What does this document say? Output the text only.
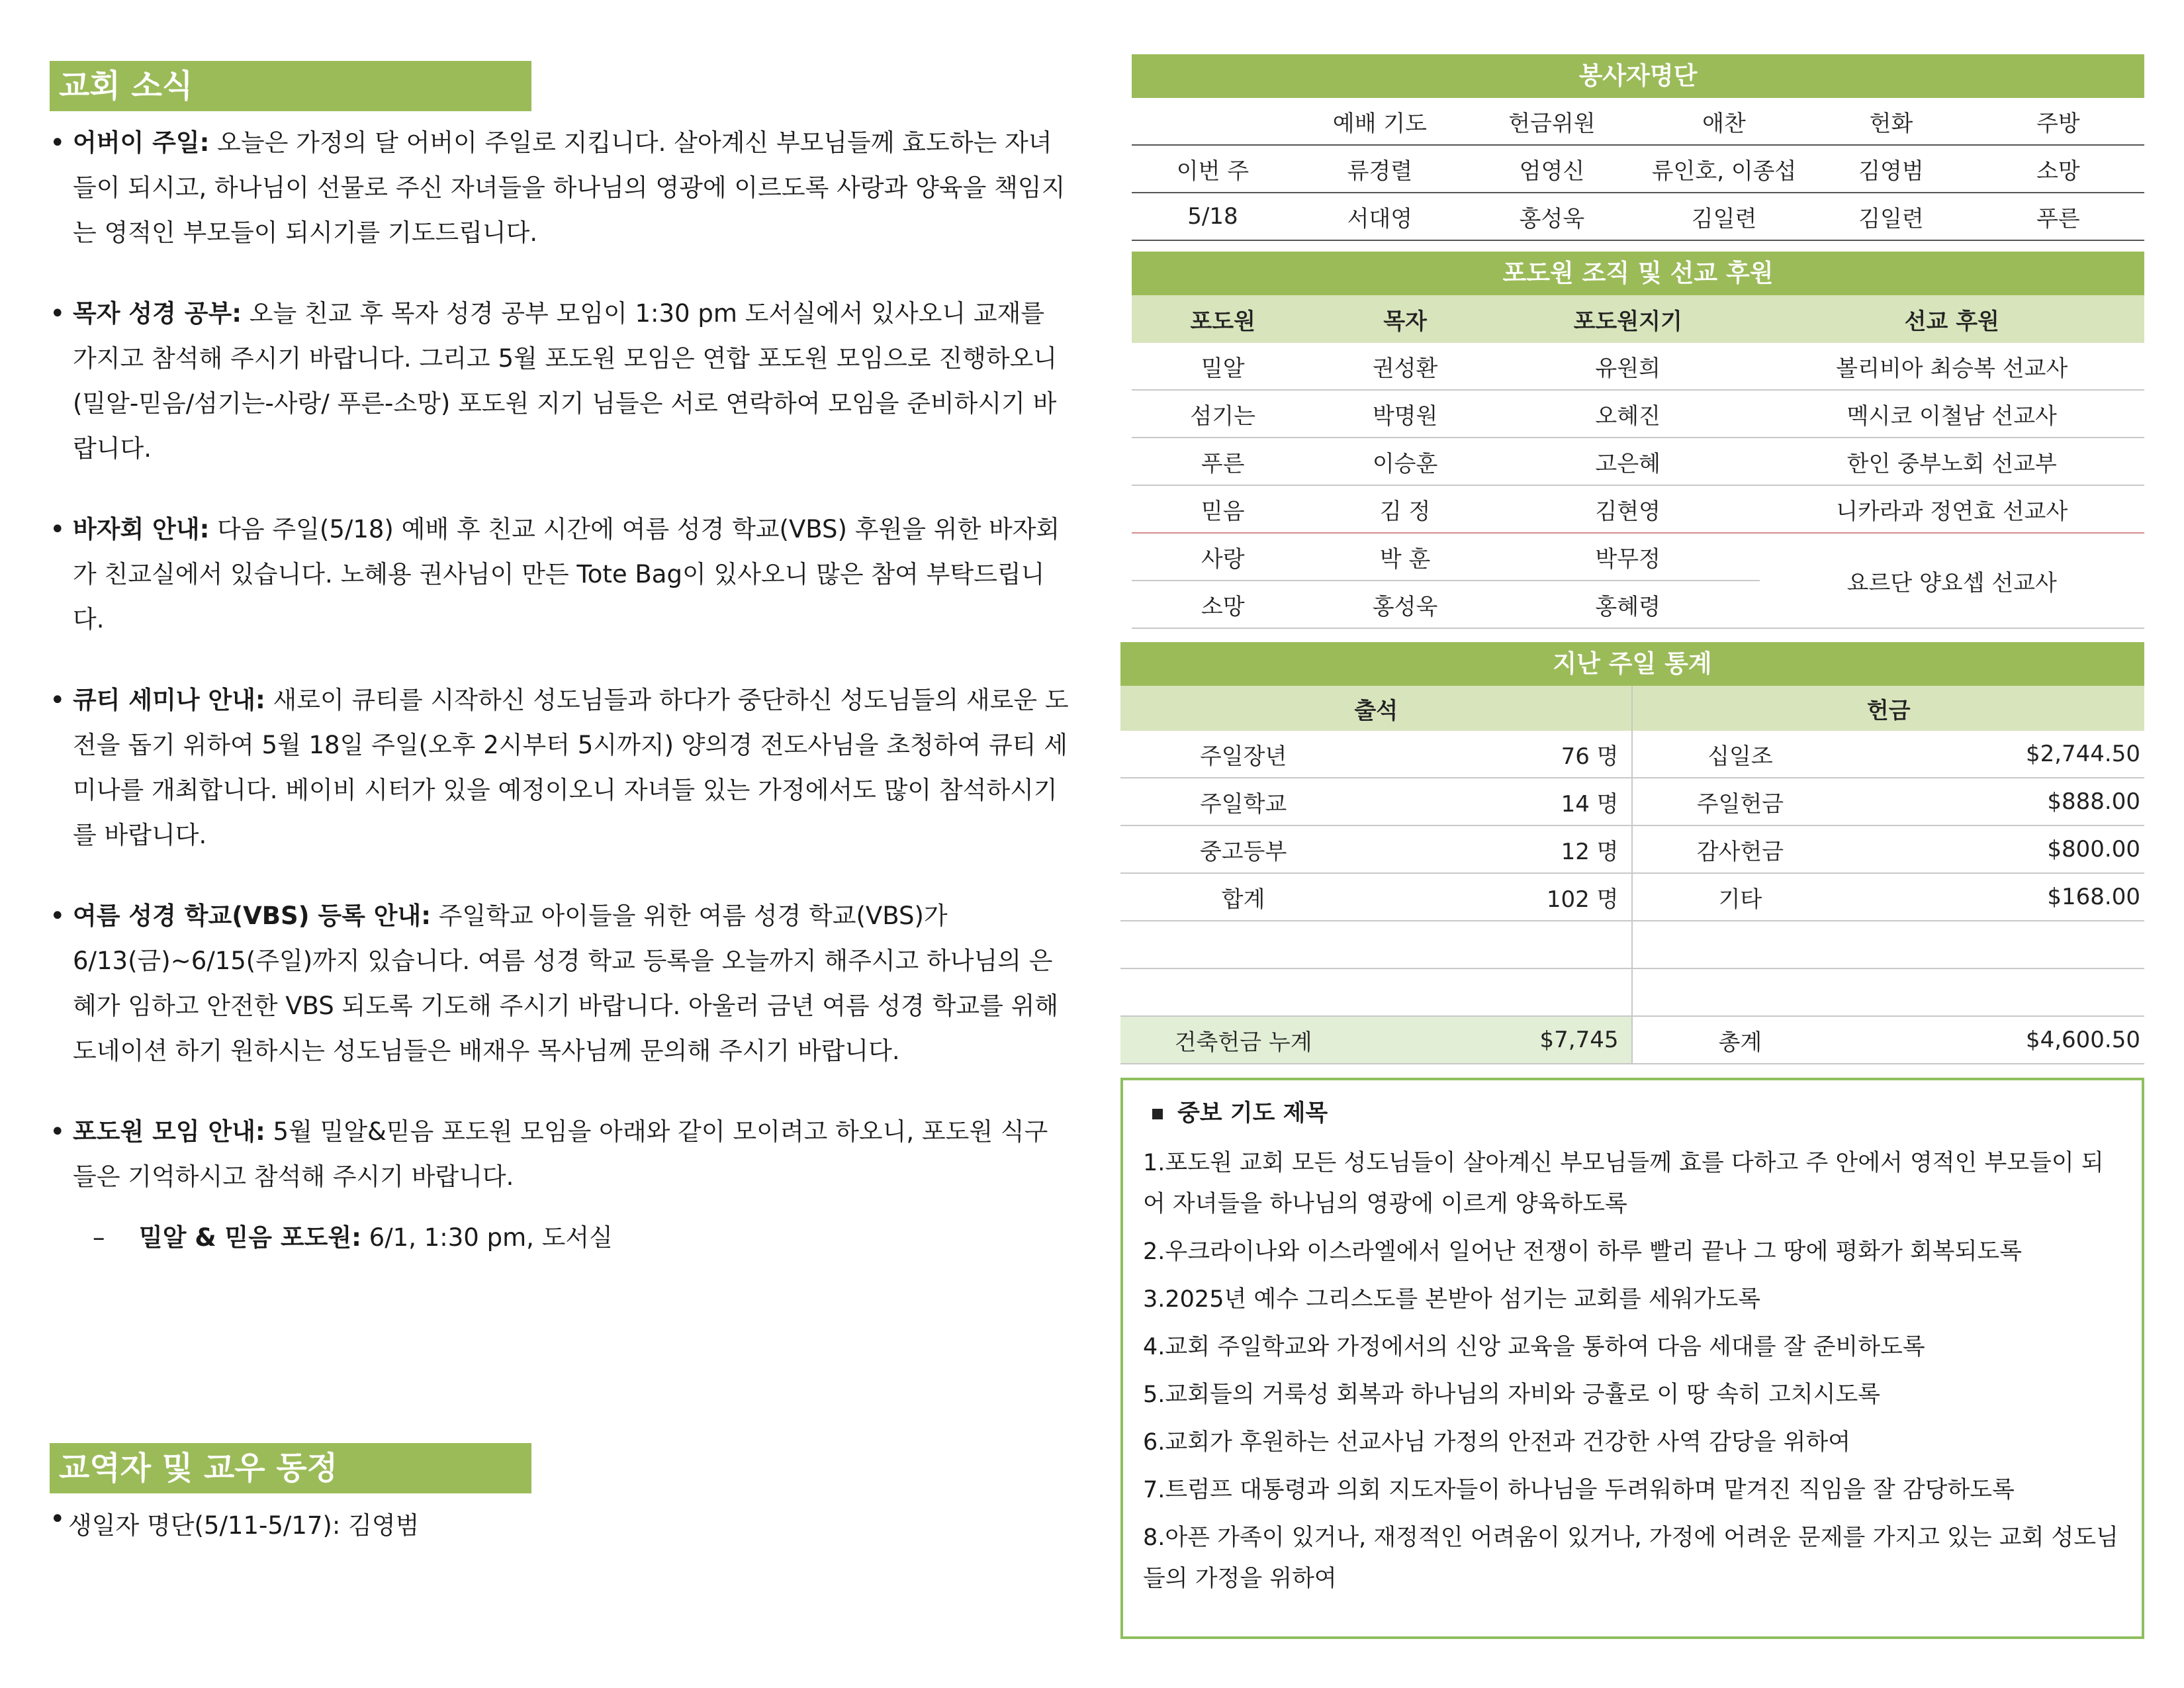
교회 소식
• 어버이 주일: 오늘은 가정의 달 어버이 주일로 지킵니다. 살아계신 부모님들께 효도하는 자녀들이 되시고, 하나님이 선물로 주신 자녀들을 하나님의 영광에 이르도록 사랑과 양육을 책임지는 영적인 부모들이 되시기를 기도드립니다.
• 목자 성경 공부: 오늘 친교 후 목자 성경 공부 모임이 1:30 pm 도서실에서 있사오니 교재를 가지고 참석해 주시기 바랍니다. 그리고 5월 포도원 모임은 연합 포도원 모임으로 진행하오니(밀알-믿음/섬기는-사랑/ 푸른-소망) 포도원 지기 님들은 서로 연락하여 모임을 준비하시기 바랍니다.
• 바자회 안내: 다음 주일(5/18) 예배 후 친교 시간에 여름 성경 학교(VBS) 후원을 위한 바자회가 친교실에서 있습니다. 노혜용 권사님이 만든 Tote Bag이 있사오니 많은 참여 부탁드립니다.
• 큐티 세미나 안내: 새로이 큐티를 시작하신 성도님들과 하다가 중단하신 성도님들의 새로운 도전을 돕기 위하여 5월 18일 주일(오후 2시부터 5시까지) 양의경 전도사님을 초청하여 큐티 세미나를 개최합니다. 베이비 시터가 있을 예정이오니 자녀들 있는 가정에서도 많이 참석하시기를 바랍니다.
• 여름 성경 학교(VBS) 등록 안내: 주일학교 아이들을 위한 여름 성경 학교(VBS)가 6/13(금)~6/15(주일)까지 있습니다. 여름 성경 학교 등록을 오늘까지 해주시고 하나님의 은혜가 임하고 안전한 VBS 되도록 기도해 주시기 바랍니다. 아울러 금년 여름 성경 학교를 위해 도네이션 하기 원하시는 성도님들은 배재우 목사님께 문의해 주시기 바랍니다.
• 포도원 모임 안내: 5월 밀알&믿음 포도원 모임을 아래와 같이 모이려고 하오니, 포도원 식구들은 기억하시고 참석해 주시기 바랍니다.
– 밀알 & 믿음 포도원: 6/1, 1:30 pm, 도서실
교역자 및 교우 동정
• 생일자 명단(5/11-5/17): 김영범
봉사자명단
	예배 기도	헌금위원	애찬	헌화	주방
이번 주	류경렬	엄영신	류인호, 이종섭	김영범	소망
5/18	서대영	홍성욱	김일련	김일련	푸른
포도원 조직 및 선교 후원
포도원	목자	포도원지기	선교 후원
밀알	권성환	유원희	볼리비아 최승복 선교사
섬기는	박명원	오혜진	멕시코 이철남 선교사
푸른	이승훈	고은혜	한인 중부노회 선교부
믿음	김 정	김현영	니카라과 정연효 선교사
사랑	박 훈	박무정	요르단 양요셉 선교사
소망	홍성욱	홍혜령	
지난 주일 통계
출석		헌금	
주일장년	76 명	십일조	$2,744.50
주일학교	14 명	주일헌금	$888.00
중고등부	12 명	감사헌금	$800.00
합계	102 명	기타	$168.00

건축헌금 누계	$7,745	총계	$4,600.50
중보 기도 제목
1.포도원 교회 모든 성도님들이 살아계신 부모님들께 효를 다하고 주 안에서 영적인 부모들이 되어 자녀들을 하나님의 영광에 이르게 양육하도록
2.우크라이나와 이스라엘에서 일어난 전쟁이 하루 빨리 끝나 그 땅에 평화가 회복되도록
3.2025년 예수 그리스도를 본받아 섬기는 교회를 세워가도록
4.교회 주일학교와 가정에서의 신앙 교육을 통하여 다음 세대를 잘 준비하도록
5.교회들의 거룩성 회복과 하나님의 자비와 긍휼로 이 땅 속히 고치시도록
6.교회가 후원하는 선교사님 가정의 안전과 건강한 사역 감당을 위하여
7.트럼프 대통령과 의회 지도자들이 하나님을 두려워하며 맡겨진 직임을 잘 감당하도록
8.아픈 가족이 있거나, 재정적인 어려움이 있거나, 가정에 어려운 문제를 가지고 있는 교회 성도님들의 가정을 위하여
